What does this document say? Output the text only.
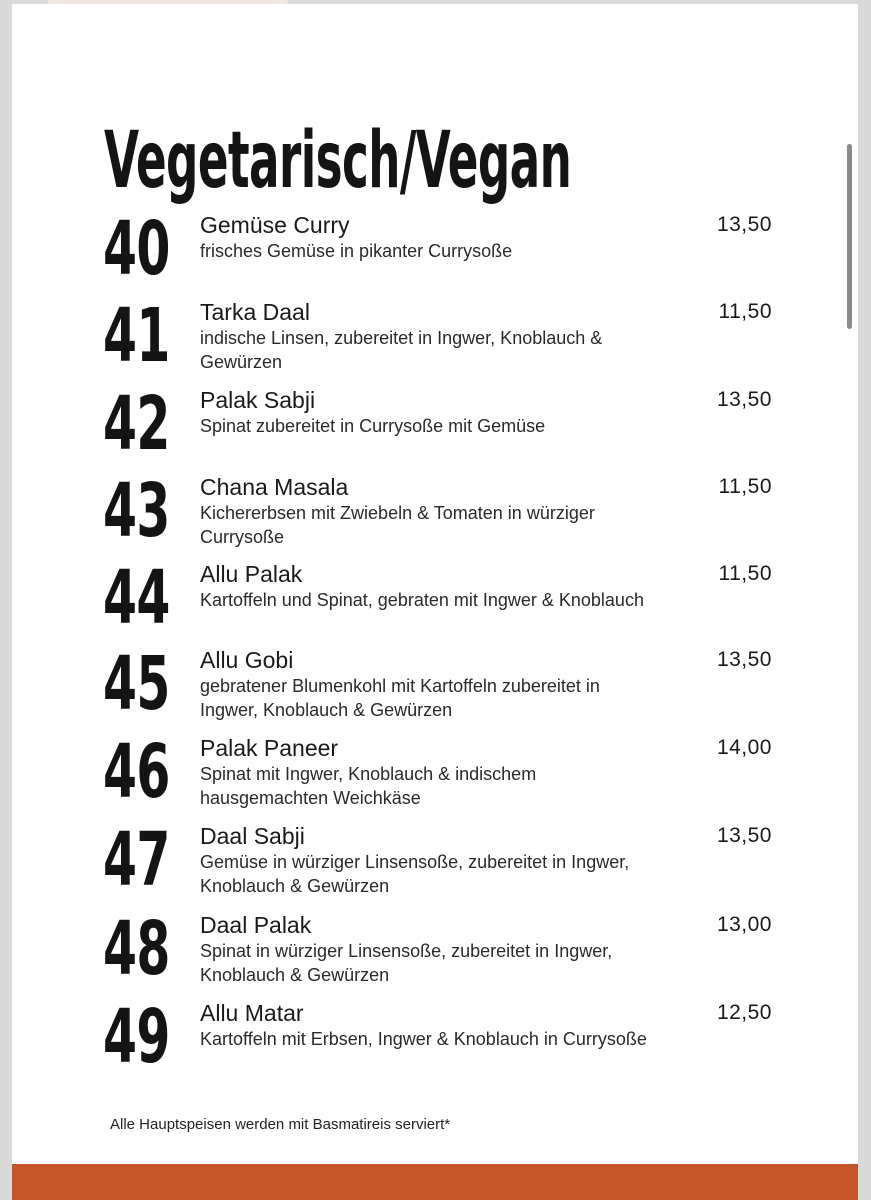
Vegetarisch/Vegan
40 Gemüse Curry
frisches Gemüse in pikanter Currysoße
13,50
41 Tarka Daal
indische Linsen, zubereitet in Ingwer, Knoblauch & Gewürzen
11,50
42 Palak Sabji
Spinat zubereitet in Currysoße mit Gemüse
13,50
43 Chana Masala
Kichererbsen mit Zwiebeln & Tomaten in würziger Currysoße
11,50
44 Allu Palak
Kartoffeln und Spinat, gebraten mit Ingwer & Knoblauch
11,50
45 Allu Gobi
gebratener Blumenkohl mit Kartoffeln zubereitet in Ingwer, Knoblauch & Gewürzen
13,50
46 Palak Paneer
Spinat mit Ingwer, Knoblauch & indischem hausgemachten Weichkäse
14,00
47 Daal Sabji
Gemüse in würziger Linsensoße, zubereitet in Ingwer, Knoblauch & Gewürzen
13,50
48 Daal Palak
Spinat in würziger Linsensoße, zubereitet in Ingwer, Knoblauch & Gewürzen
13,00
49 Allu Matar
Kartoffeln mit Erbsen, Ingwer & Knoblauch in Currysoße
12,50
Alle Hauptspeisen werden mit Basmatireis serviert*
